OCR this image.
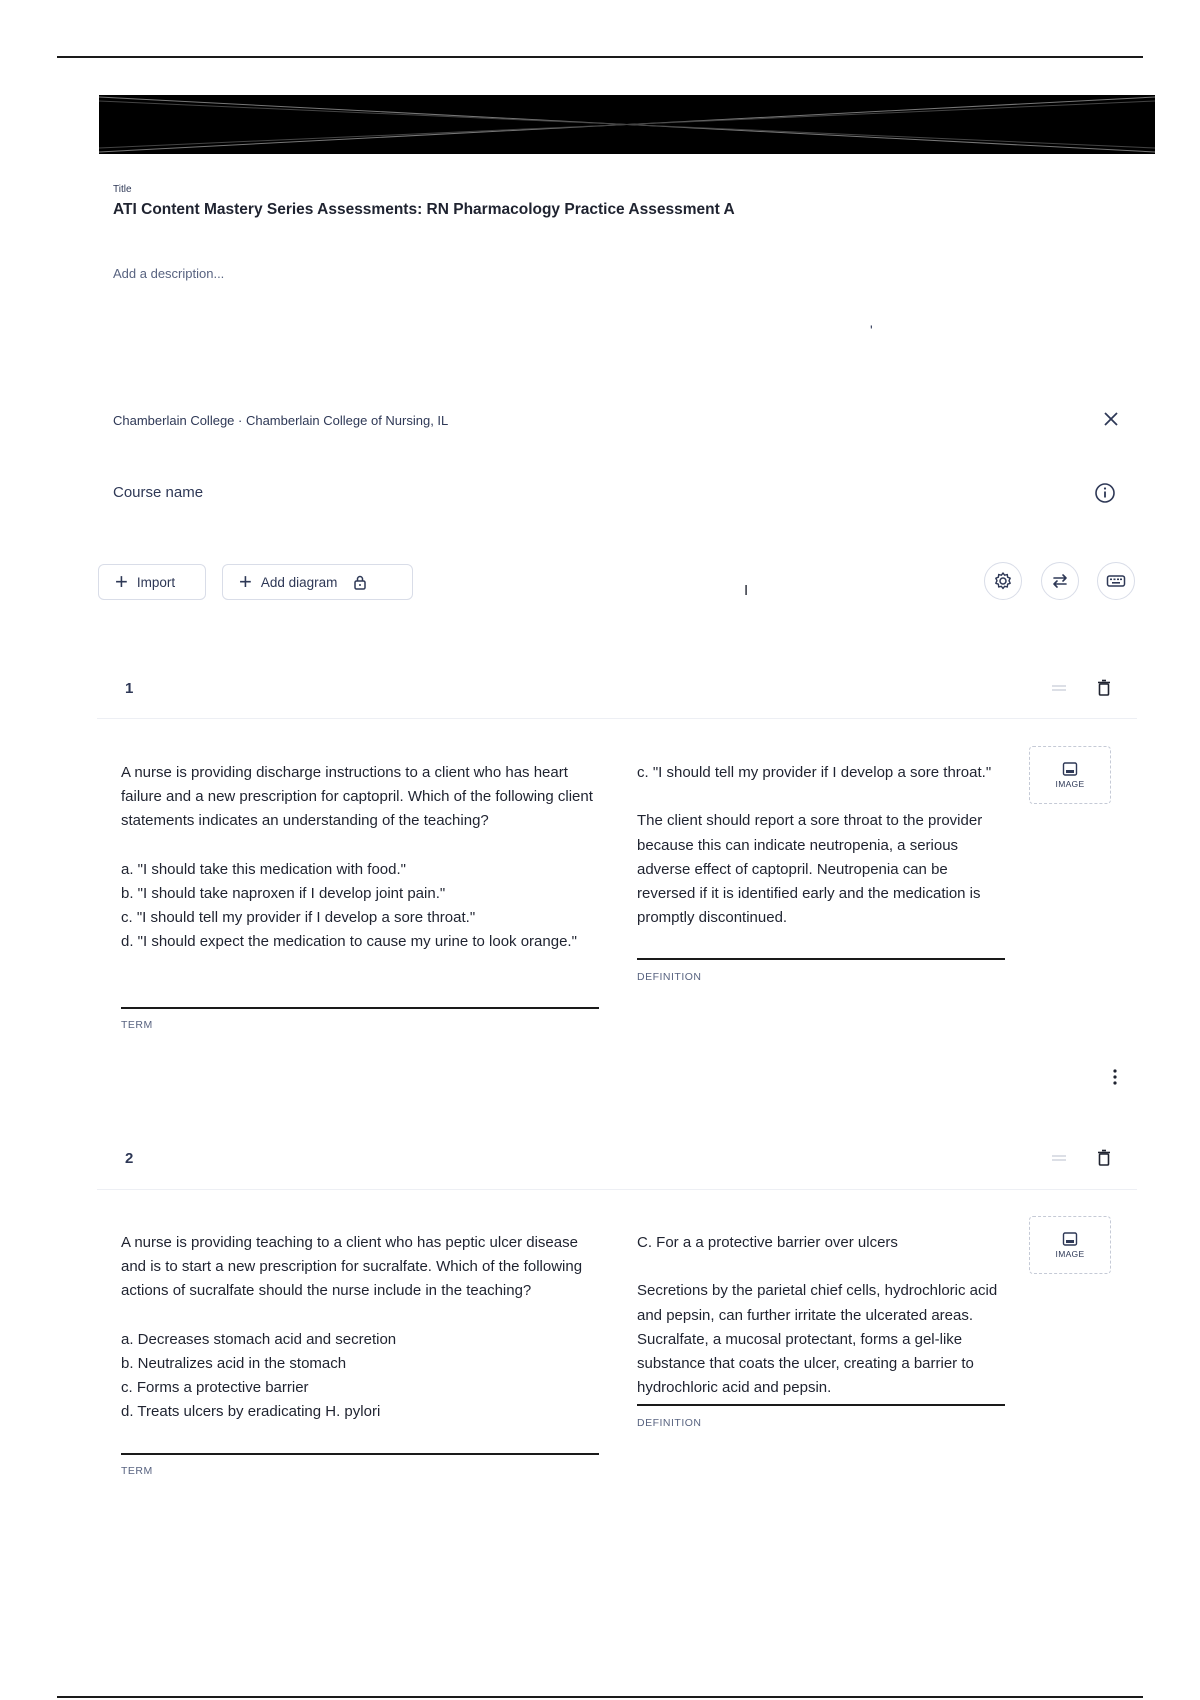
Title
ATI Content Mastery Series Assessments: RN Pharmacology Practice Assessment A
Add a description...
'
Chamberlain College · Chamberlain College of Nursing, IL
Course name
+ Import	+ Add diagram	I
1
A nurse is providing discharge instructions to a client who has heart failure and a new prescription for captopril. Which of the following client statements indicates an understanding of the teaching?

a. "I should take this medication with food."
b. "I should take naproxen if I develop joint pain."
c. "I should tell my provider if I develop a sore throat."
d. "I should expect the medication to cause my urine to look orange."
TERM
c. "I should tell my provider if I develop a sore throat."

The client should report a sore throat to the provider because this can indicate neutropenia, a serious adverse effect of captopril. Neutropenia can be reversed if it is identified early and the medication is promptly discontinued.
DEFINITION
IMAGE
2
A nurse is providing teaching to a client who has peptic ulcer disease and is to start a new prescription for sucralfate. Which of the following actions of sucralfate should the nurse include in the teaching?

a. Decreases stomach acid and secretion
b. Neutralizes acid in the stomach
c. Forms a protective barrier
d. Treats ulcers by eradicating H. pylori
TERM
C. For a a protective barrier over ulcers

Secretions by the parietal chief cells, hydrochloric acid and pepsin, can further irritate the ulcerated areas. Sucralfate, a mucosal protectant, forms a gel-like substance that coats the ulcer, creating a barrier to hydrochloric acid and pepsin.
DEFINITION
IMAGE
